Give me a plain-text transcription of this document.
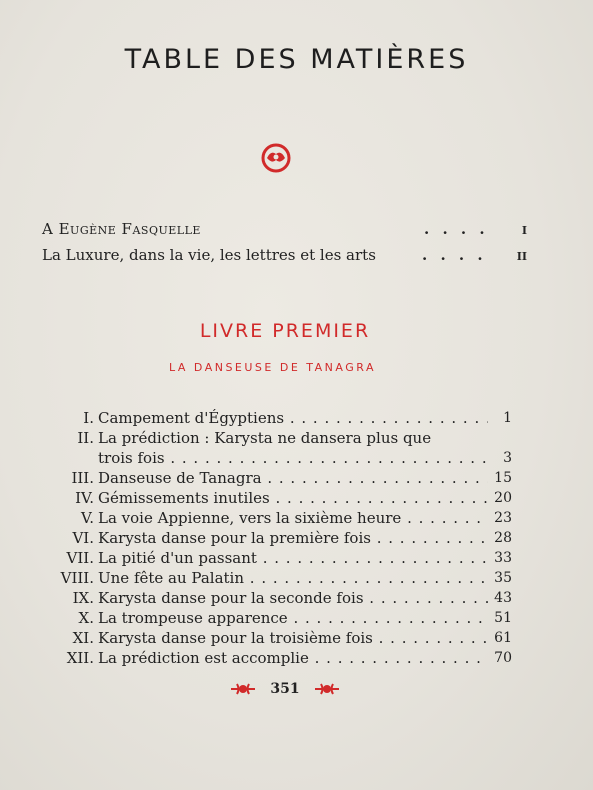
TABLE DES MATIÈRES
A Eugène Fasquelle	. . . .	I
La Luxure, dans la vie, les lettres et les arts	. . . .	II
LIVRE PREMIER
LA DANSEUSE DE TANAGRA
I. Campement d'Égyptiens . . .	1
II. La prédiction : Karysta ne dansera plus que
trois fois . . .	3
III. Danseuse de Tanagra . . .	15
IV. Gémissements inutiles . . .	20
V. La voie Appienne, vers la sixième heure . . .	23
VI. Karysta danse pour la première fois . . .	28
VII. La pitié d'un passant . . .	33
VIII. Une fête au Palatin . . .	35
IX. Karysta danse pour la seconde fois . . .	43
X. La trompeuse apparence . . .	51
XI. Karysta danse pour la troisième fois . . .	61
XII. La prédiction est accomplie . . .	70
351
